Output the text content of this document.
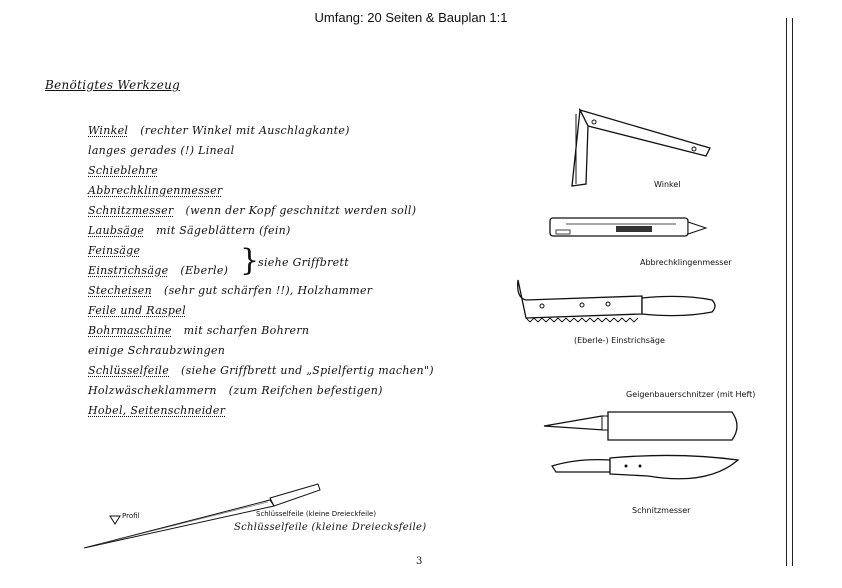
Umfang: 20 Seiten & Bauplan 1:1
Benötigtes Werkzeug
Winkel (rechter Winkel mit Auschlagkante)
langes gerades (!) Lineal
Schieblehre
Abbrechklingenmesser
Schnitzmesser (wenn der Kopf geschnitzt werden soll)
Laubsäge mit Sägeblättern (fein)
Feinsäge
Einstrichsäge (Eberle)
Stecheisen (sehr gut schärfen !!), Holzhammer
Feile und Raspel
Bohrmaschine mit scharfen Bohrern
einige Schraubzwingen
Schlüsselfeile (siehe Griffbrett und „Spielfertig machen")
Holzwäscheklammern (zum Reifchen befestigen)
Hobel, Seitenschneider
}
siehe Griffbrett
Winkel
Abbrechklingenmesser
(Eberle-) Einstrichsäge
Geigenbauerschnitzer (mit Heft)
Schnitzmesser
Profil	Schlüsselfeile (kleine Dreieckfeile)
Schlüsselfeile (kleine Dreiecksfeile)
3
